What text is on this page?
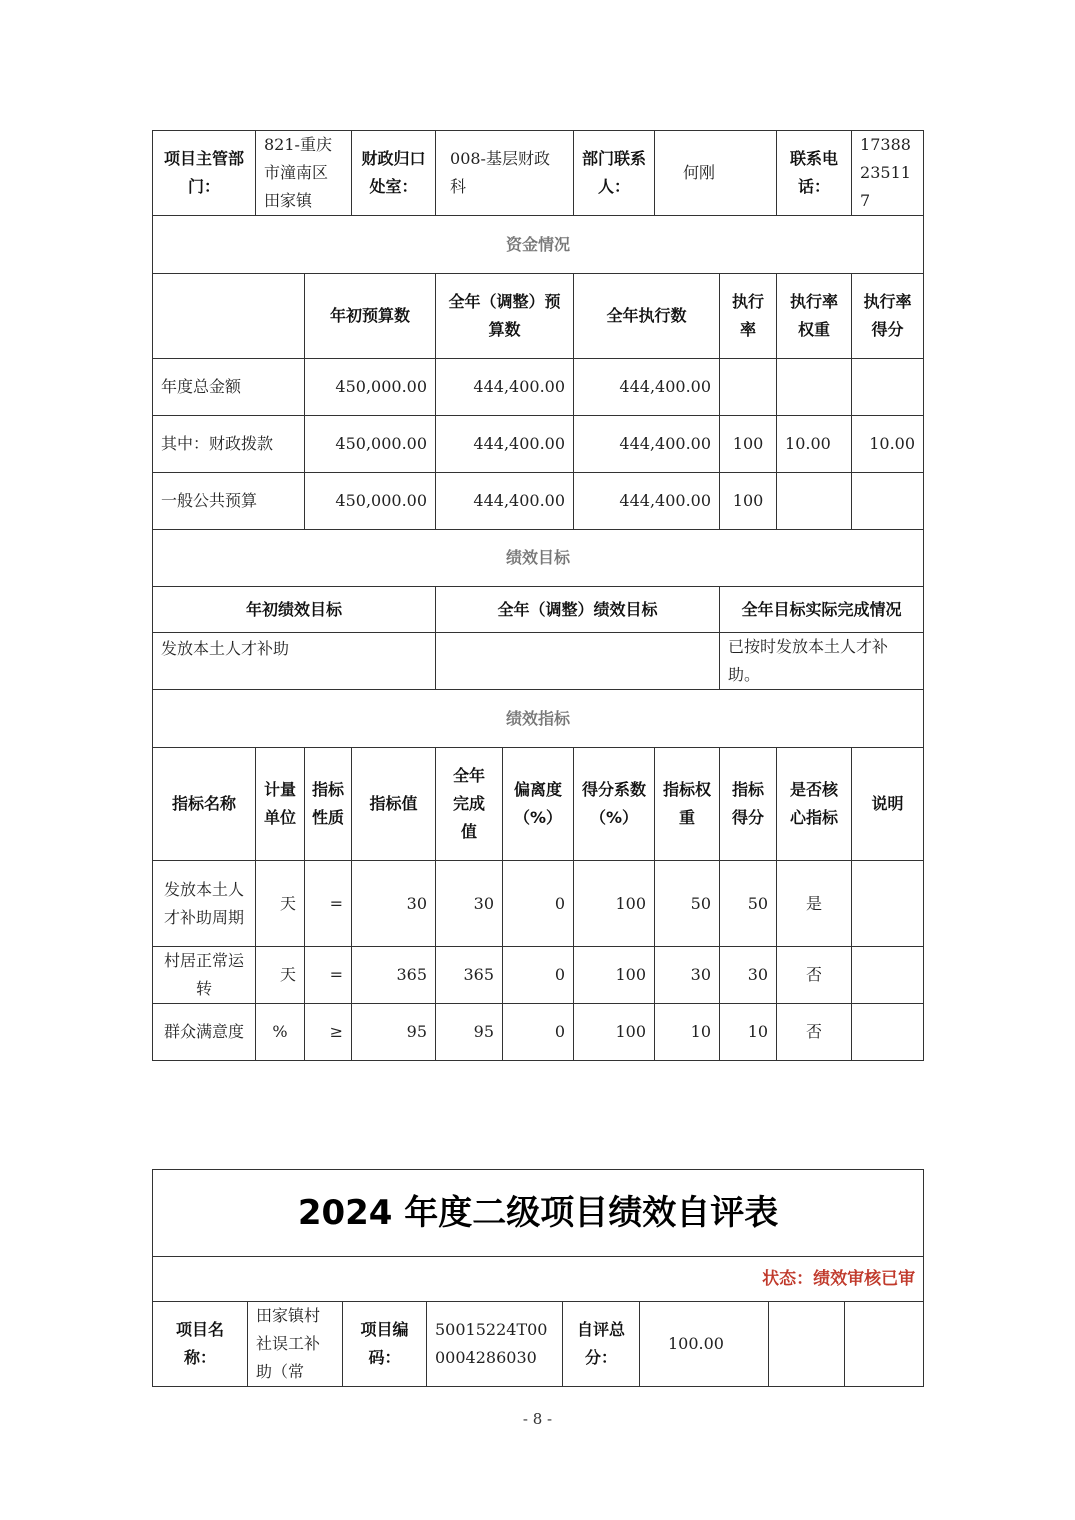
项目主管部门：	821-重庆市潼南区田家镇		财政归口处室：	008-基层财政科		部门联系人：	何刚		联系电话：	17388235117
资金情况										
		年初预算数		全年（调整）预算数		全年执行数		执行率	执行率权重	执行率得分
年度总金额		450,000.00		444,400.00		444,400.00				
其中：财政拨款		450,000.00		444,400.00		444,400.00		100	10.00	10.00
一般公共预算		450,000.00		444,400.00		444,400.00		100		
绩效目标										
年初绩效目标				全年（调整）绩效目标				全年目标实际完成情况		
发放本土人才补助								已按时发放本土人才补助。		
绩效指标										
指标名称	计量单位	指标性质	指标值	全年完成值	偏离度（%）	得分系数（%）	指标权重	指标得分	是否核心指标	说明
发放本土人才补助周期	天	=	30	30	0	100	50	50	是	
村居正常运转	天	=	365	365	0	100	30	30	否	
群众满意度	%	≥	95	95	0	100	10	10	否	
2024 年度二级项目绩效自评表
状态：绩效审核已审
项目名称：	田家镇村社误工补助（常	项目编码：	50015224T000004286030	自评总分：	100.00		
- 8 -
